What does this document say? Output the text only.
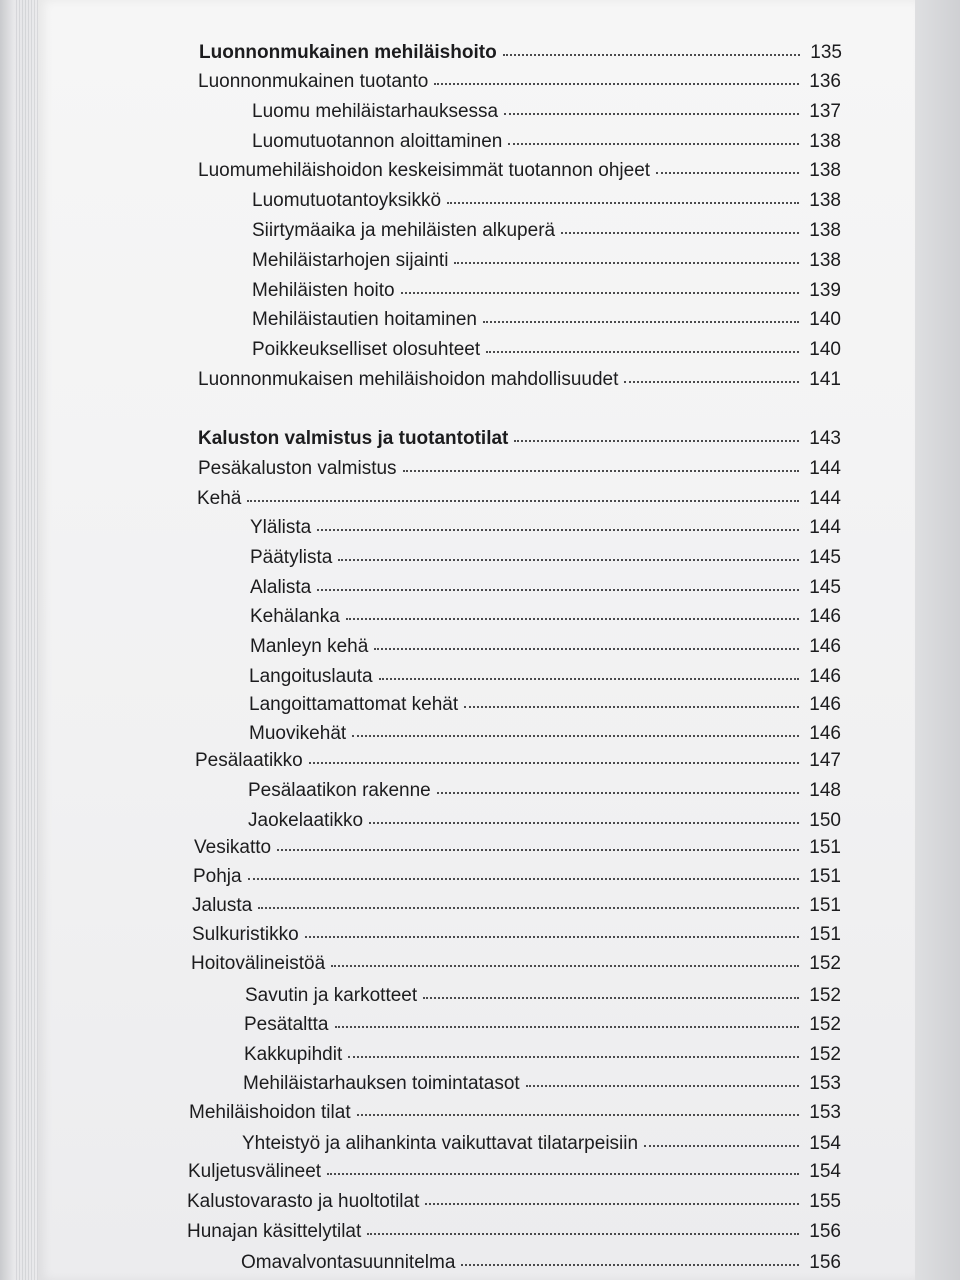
Luonnonmukainen mehiläishoito	135
Luonnonmukainen tuotanto	136
Luomu mehiläistarhauksessa	137
Luomutuotannon aloittaminen	138
Luomumehiläishoidon keskeisimmät tuotannon ohjeet	138
Luomutuotantoyksikkö	138
Siirtymäaika ja mehiläisten alkuperä	138
Mehiläistarhojen sijainti	138
Mehiläisten hoito	139
Mehiläistautien hoitaminen	140
Poikkeukselliset olosuhteet	140
Luonnonmukaisen mehiläishoidon mahdollisuudet	141
Kaluston valmistus ja tuotantotilat	143
Pesäkaluston valmistus	144
Kehä	144
Ylälista	144
Päätylista	145
Alalista	145
Kehälanka	146
Manleyn kehä	146
Langoituslauta	146
Langoittamattomat kehät	146
Muovikehät	146
Pesälaatikko	147
Pesälaatikon rakenne	148
Jaokelaatikko	150
Vesikatto	151
Pohja	151
Jalusta	151
Sulkuristikko	151
Hoitovälineistöä	152
Savutin ja karkotteet	152
Pesätaltta	152
Kakkupihdit	152
Mehiläistarhauksen toimintatasot	153
Mehiläishoidon tilat	153
Yhteistyö ja alihankinta vaikuttavat tilatarpeisiin	154
Kuljetusvälineet	154
Kalustovarasto ja huoltotilat	155
Hunajan käsittelytilat	156
Omavalvontasuunnitelma	156
